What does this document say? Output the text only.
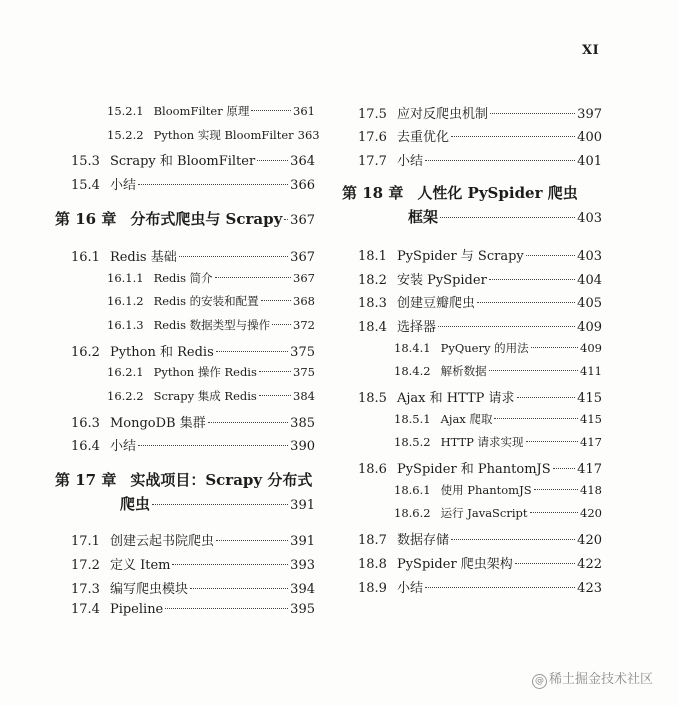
XI
15.2.1 BloomFilter 原理	361
15.2.2 Python 实现 BloomFilter 363
15.3 Scrapy 和 BloomFilter	364
15.4 小结	366
第 16 章 分布式爬虫与 Scrapy 367
16.1 Redis 基础	367
16.1.1 Redis 简介	367
16.1.2 Redis 的安装和配置	368
16.1.3 Redis 数据类型与操作 372
16.2 Python 和 Redis	375
16.2.1 Python 操作 Redis	375
16.2.2 Scrapy 集成 Redis	384
16.3 MongoDB 集群	385
16.4 小结	390
第 17 章 实战项目：Scrapy 分布式
爬虫	391
17.1 创建云起书院爬虫	391
17.2 定义 Item	393
17.3 编写爬虫模块	394
17.4 Pipeline	395
17.5 应对反爬虫机制	397
17.6 去重优化	400
17.7 小结	401
第 18 章 人性化 PySpider 爬虫
框架	403
18.1 PySpider 与 Scrapy	403
18.2 安装 PySpider	404
18.3 创建豆瓣爬虫	405
18.4 选择器	409
18.4.1 PyQuery 的用法	409
18.4.2 解析数据	411
18.5 Ajax 和 HTTP 请求	415
18.5.1 Ajax 爬取	415
18.5.2 HTTP 请求实现	417
18.6 PySpider 和 PhantomJS 417
18.6.1 使用 PhantomJS	418
18.6.2 运行 JavaScript	420
18.7 数据存储	420
18.8 PySpider 爬虫架构	422
18.9 小结	423
@ 稀土掘金技术社区
